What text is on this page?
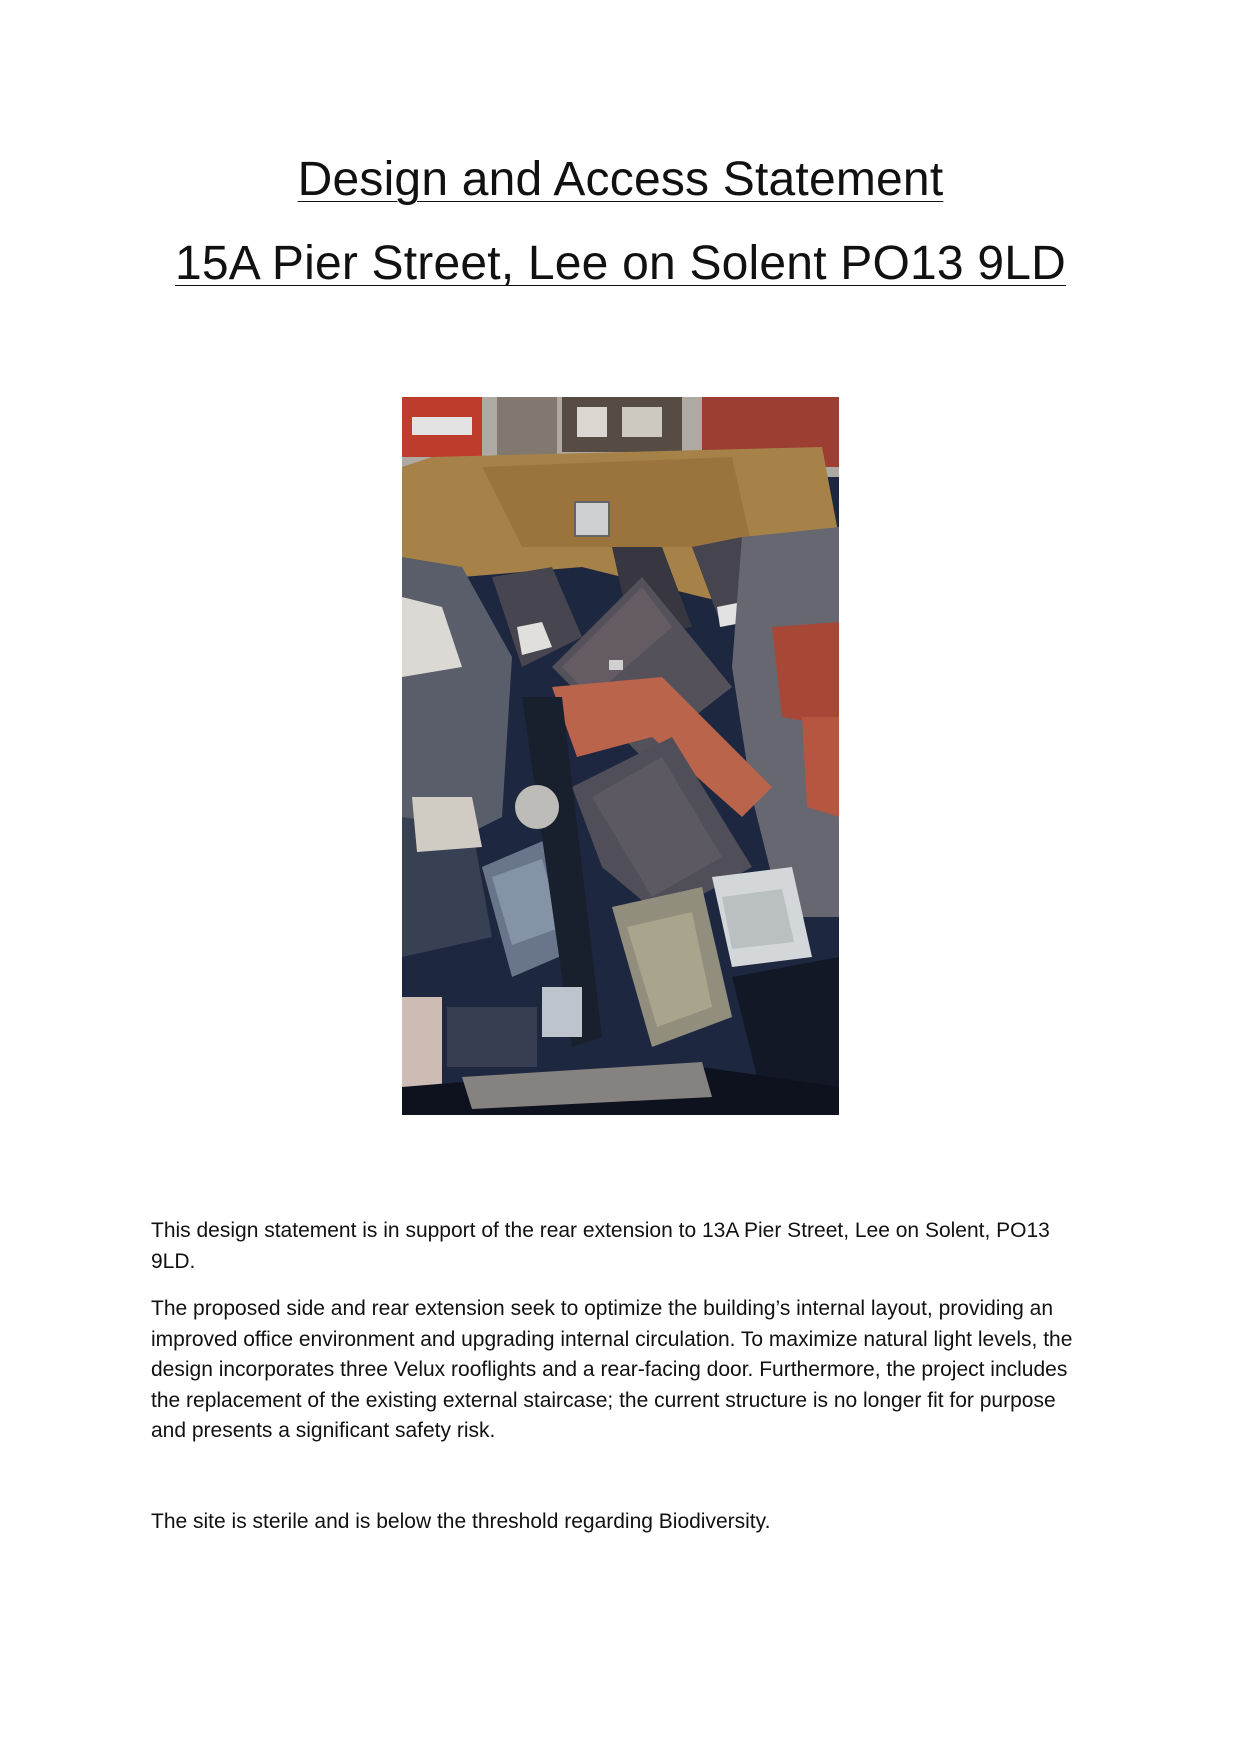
Design and Access Statement
15A Pier Street, Lee on Solent PO13 9LD

This design statement is in support of the rear extension to 13A Pier Street, Lee on Solent, PO13 9LD.

The proposed side and rear extension seek to optimize the building’s internal layout, providing an improved office environment and upgrading internal circulation. To maximize natural light levels, the design incorporates three Velux rooflights and a rear-facing door. Furthermore, the project includes the replacement of the existing external staircase; the current structure is no longer fit for purpose and presents a significant safety risk.

The site is sterile and is below the threshold regarding Biodiversity.
